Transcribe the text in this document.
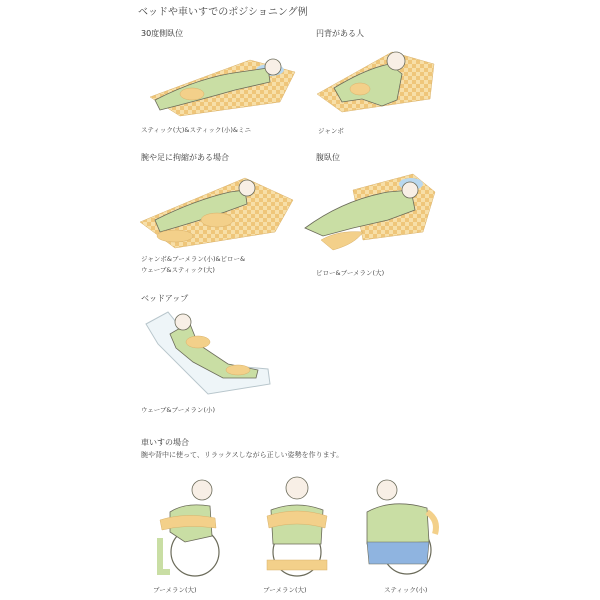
ベッドや車いすでのポジショニング例
30度側臥位
スティック(大)&スティック(小)&ミニ
円背がある人
ジャンボ
腕や足に拘縮がある場合
ジャンボ&ブーメラン(小)&ピロー&
ウェーブ&スティック(大)
腹臥位
ピロー&ブーメラン(大)
ベッドアップ
ウェーブ&ブーメラン(小)
車いすの場合
腕や背中に使って、リラックスしながら正しい姿勢を作ります。
ブーメラン(大)	ブーメラン(大)	スティック(小)
